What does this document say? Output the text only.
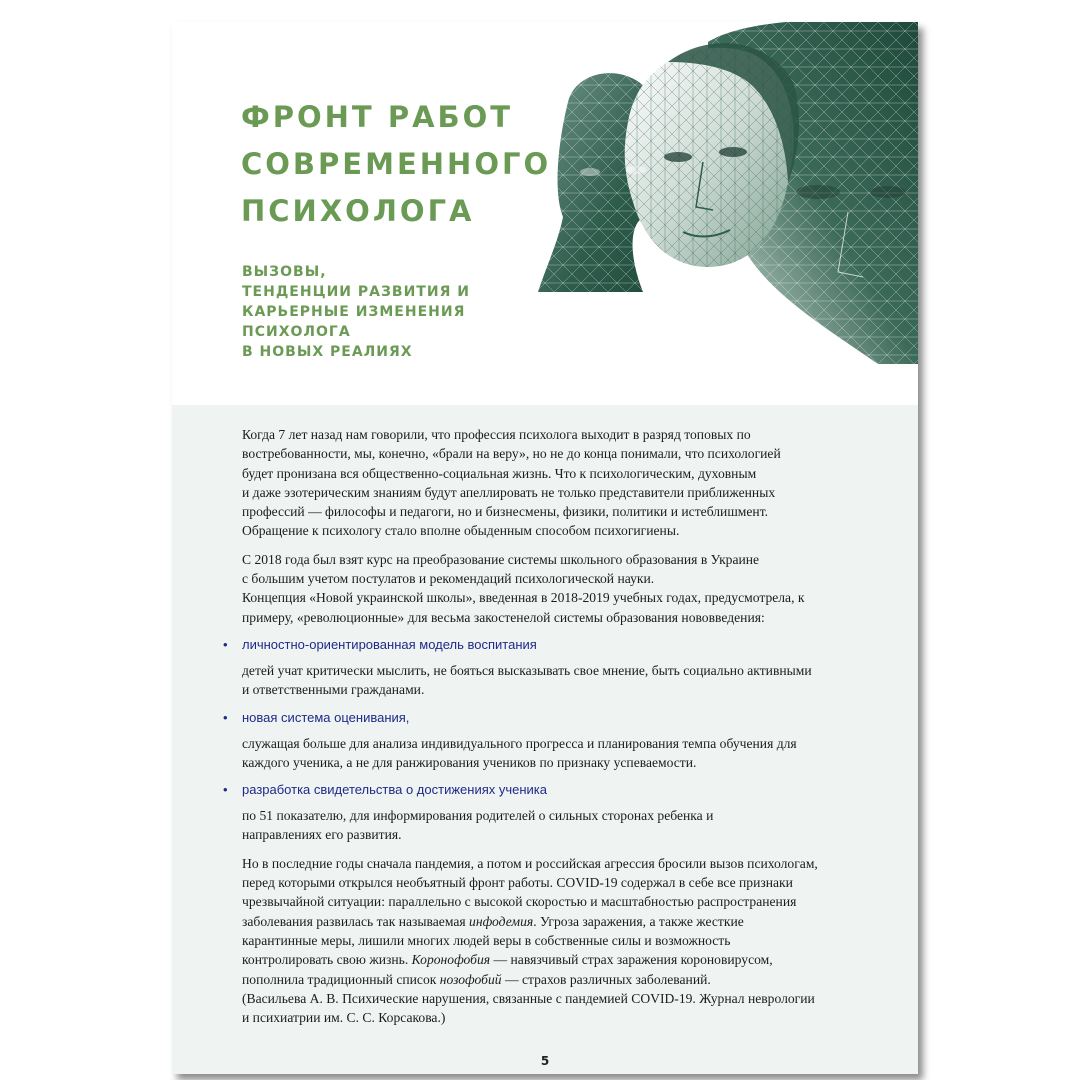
ФРОНТ РАБОТ
СОВРЕМЕННОГО
ПСИХОЛОГА
ВЫЗОВЫ,
ТЕНДЕНЦИИ РАЗВИТИЯ И
КАРЬЕРНЫЕ ИЗМЕНЕНИЯ
ПСИХОЛОГА
В НОВЫХ РЕАЛИЯХ

Когда 7 лет назад нам говорили, что профессия психолога выходит в разряд топовых по
востребованности, мы, конечно, «брали на веру», но не до конца понимали, что психологией
будет пронизана вся общественно-социальная жизнь. Что к психологическим, духовным
и даже эзотерическим знаниям будут апеллировать не только представители приближенных
профессий — философы и педагоги, но и бизнесмены, физики, политики и истеблишмент.
Обращение к психологу стало вполне обыденным способом психогигиены.

С 2018 года был взят курс на преобразование системы школьного образования в Украине
с большим учетом постулатов и рекомендаций психологической науки.
Концепция «Новой украинской школы», введенная в 2018-2019 учебных годах, предусмотрела, к
примеру, «революционные» для весьма закостенелой системы образования нововведения:

• личностно-ориентированная модель воспитания

детей учат критически мыслить, не бояться высказывать свое мнение, быть социально активными
и ответственными гражданами.

• новая система оценивания,

служащая больше для анализа индивидуального прогресса и планирования темпа обучения для
каждого ученика, а не для ранжирования учеников по признаку успеваемости.

• разработка свидетельства о достижениях ученика

по 51 показателю, для информирования родителей о сильных сторонах ребенка и
направлениях его развития.

Но в последние годы сначала пандемия, а потом и российская агрессия бросили вызов психологам,
перед которыми открылся необъятный фронт работы. COVID-19 содержал в себе все признаки
чрезвычайной ситуации: параллельно с высокой скоростью и масштабностью распространения
заболевания развилась так называемая инфодемия. Угроза заражения, а также жесткие
карантинные меры, лишили многих людей веры в собственные силы и возможность
контролировать свою жизнь. Коронофобия — навязчивый страх заражения короновирусом,
пополнила традиционный список нозофобий — страхов различных заболеваний.
(Васильева А. В. Психические нарушения, связанные с пандемией COVID-19. Журнал неврологии
и психиатрии им. С. С. Корсакова.)

5
